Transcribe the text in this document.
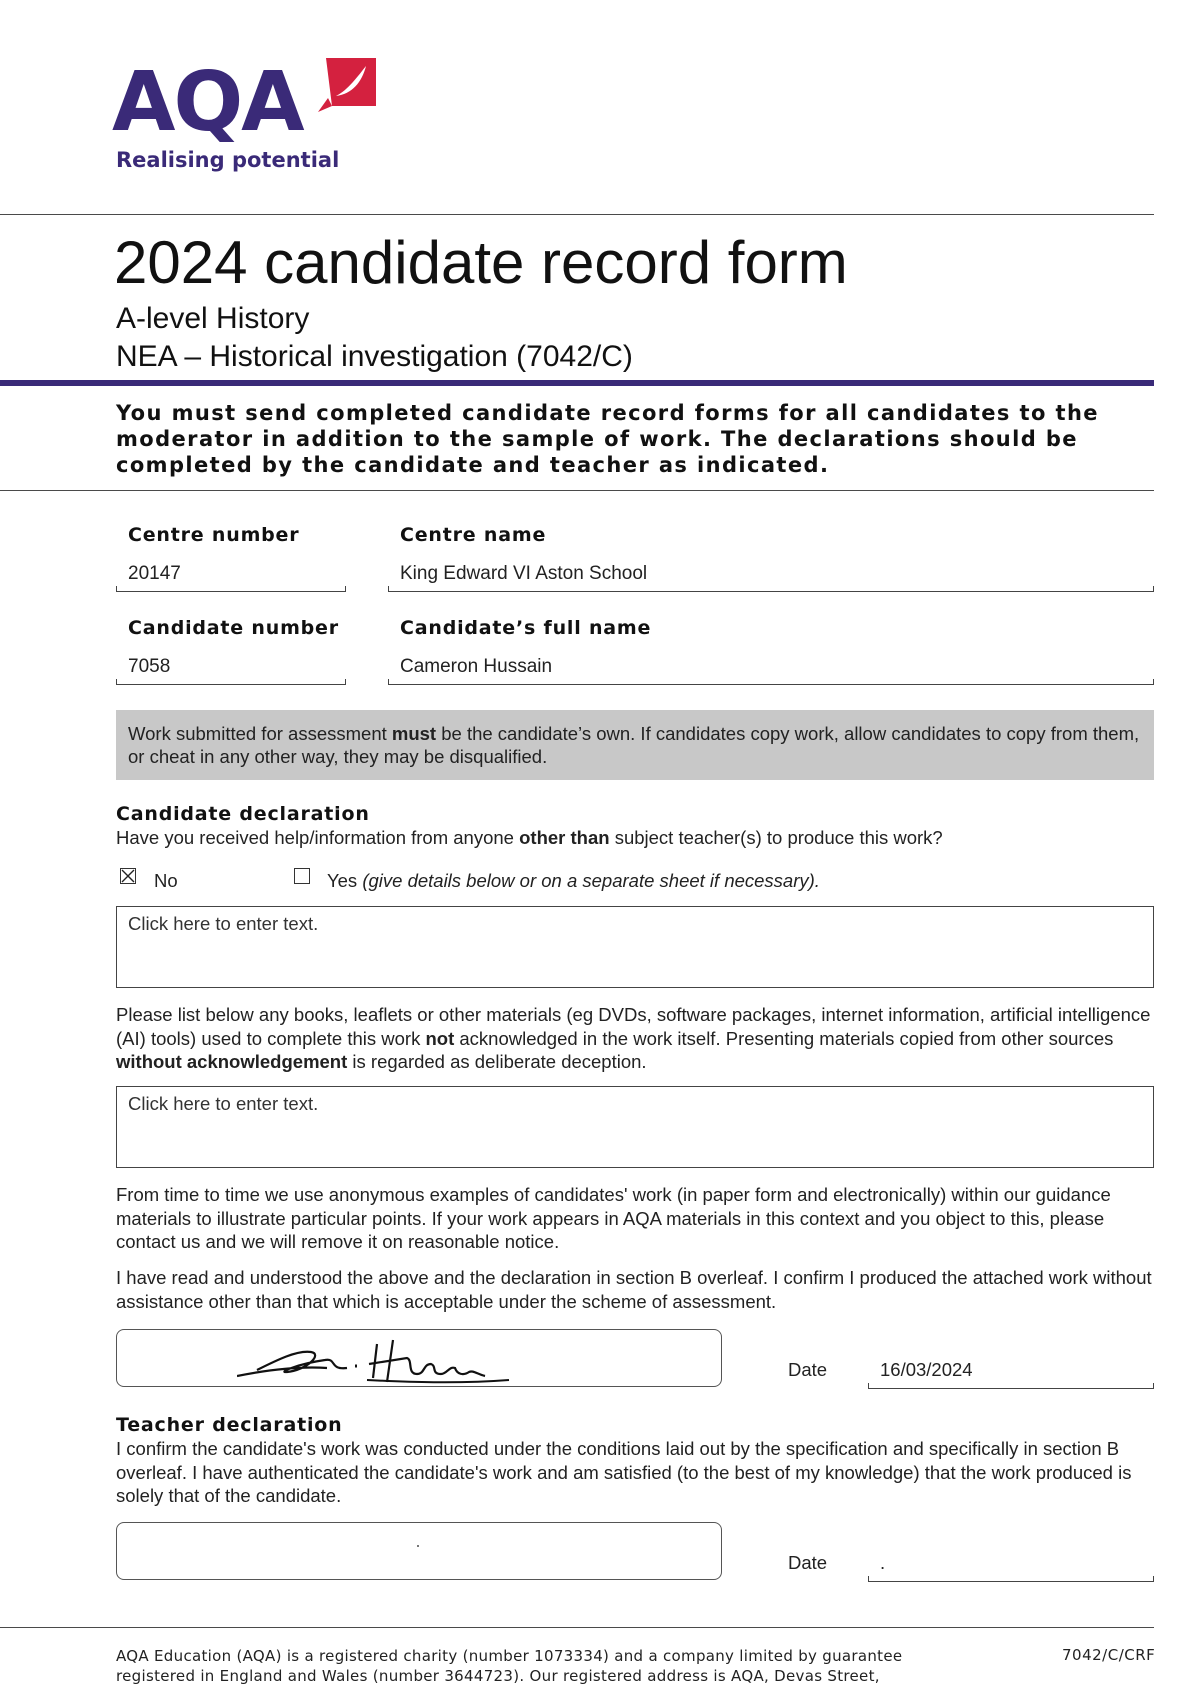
AQA
Realising potential
2024 candidate record form
A-level History
NEA – Historical investigation (7042/C)
You must send completed candidate record forms for all candidates to the moderator in addition to the sample of work. The declarations should be completed by the candidate and teacher as indicated.
Centre number
20147
Centre name
King Edward VI Aston School
Candidate number
7058
Candidate’s full name
Cameron Hussain
Work submitted for assessment must be the candidate’s own. If candidates copy work, allow candidates to copy from them, or cheat in any other way, they may be disqualified.
Candidate declaration
Have you received help/information from anyone other than subject teacher(s) to produce this work?
No	Yes (give details below or on a separate sheet if necessary).
Click here to enter text.
Please list below any books, leaflets or other materials (eg DVDs, software packages, internet information, artificial intelligence (AI) tools) used to complete this work not acknowledged in the work itself. Presenting materials copied from other sources without acknowledgement is regarded as deliberate deception.
Click here to enter text.
From time to time we use anonymous examples of candidates' work (in paper form and electronically) within our guidance materials to illustrate particular points. If your work appears in AQA materials in this context and you object to this, please contact us and we will remove it on reasonable notice.
I have read and understood the above and the declaration in section B overleaf. I confirm I produced the attached work without assistance other than that which is acceptable under the scheme of assessment.
Date	16/03/2024
Teacher declaration
I confirm the candidate's work was conducted under the conditions laid out by the specification and specifically in section B overleaf. I have authenticated the candidate's work and am satisfied (to the best of my knowledge) that the work produced is solely that of the candidate.
Date	.
AQA Education (AQA) is a registered charity (number 1073334) and a company limited by guarantee registered in England and Wales (number 3644723). Our registered address is AQA, Devas Street,
7042/C/CRF
